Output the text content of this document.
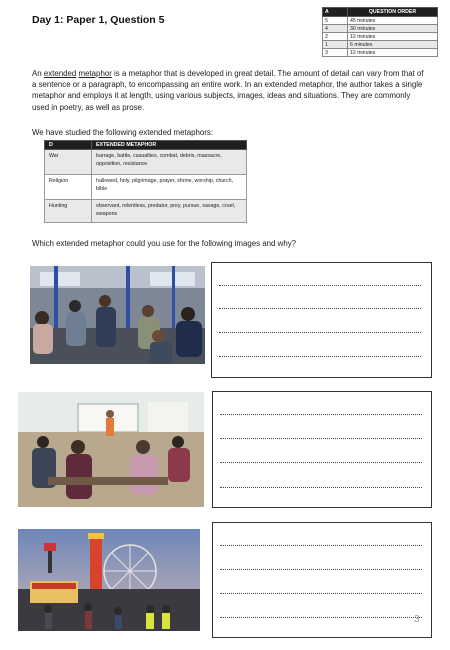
Day 1: Paper 1, Question 5
A	QUESTION ORDER
5	45 minutes
4	30 minutes
2	12 minutes
1	6 minutes
3	12 minutes
An extended metaphor is a metaphor that is developed in great detail. The amount of detail can vary from that of a sentence or a paragraph, to encompassing an entire work. In an extended metaphor, the author takes a single metaphor and employs it at length, using various subjects, images, ideas and situations. They are commonly used in poetry, as well as prose.
We have studied the following extended metaphors:
D	EXTENDED METAPHOR
War	barrage, battle, casualties, combat, debris, massacre, opposition, resistance
Religion	hallowed, holy, pilgrimage, prayer, shrine, worship, church, bible
Hunting	observant, relentless, predator, prey, pursue, savage, cruel, weapons
Which extended metaphor could you use for the following images and why?
3
